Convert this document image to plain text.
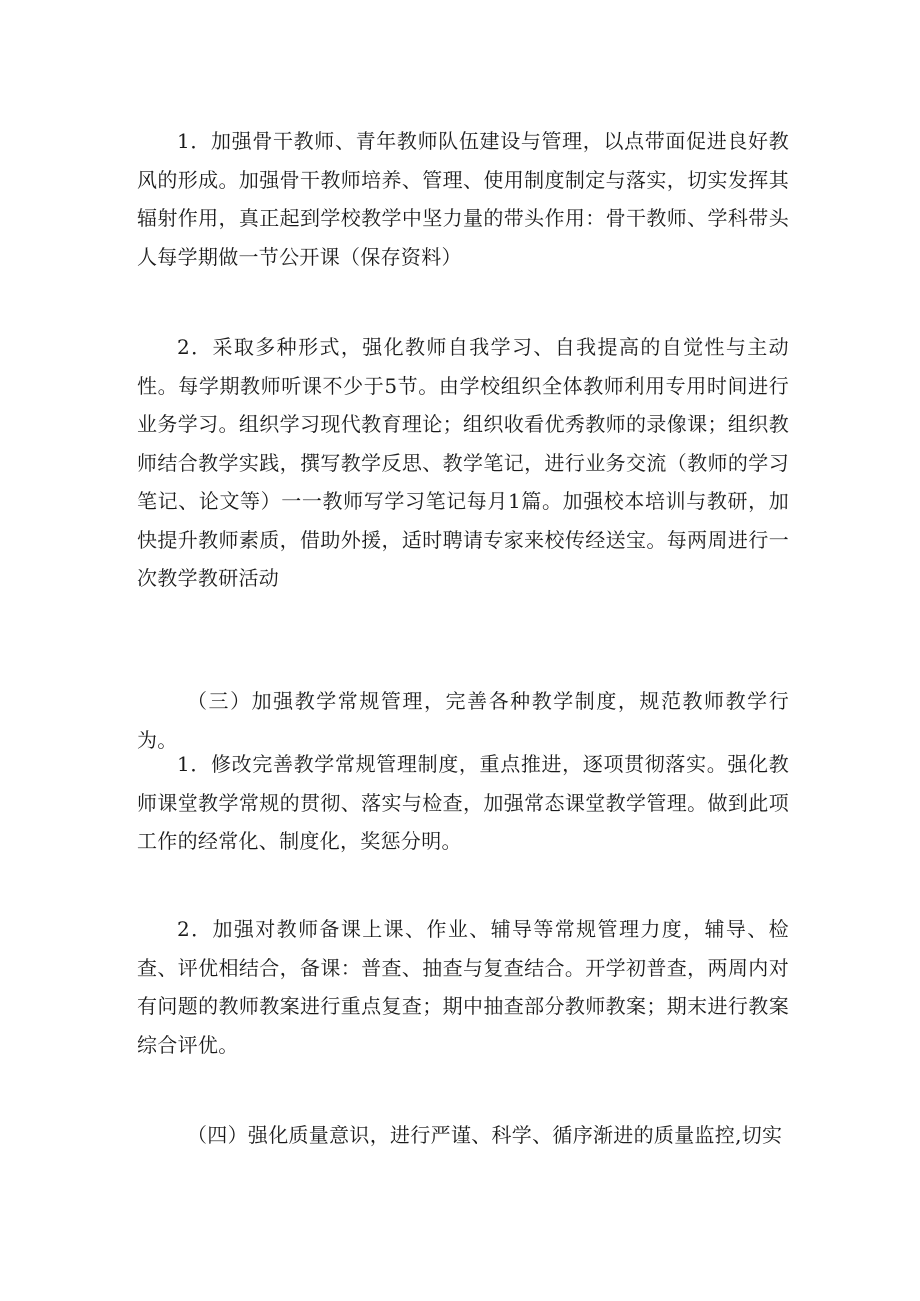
1．加强骨干教师、青年教师队伍建设与管理，以点带面促进良好教风的形成。加强骨干教师培养、管理、使用制度制定与落实，切实发挥其辐射作用，真正起到学校教学中坚力量的带头作用：骨干教师、学科带头人每学期做一节公开课（保存资料）

2．采取多种形式，强化教师自我学习、自我提高的自觉性与主动性。每学期教师听课不少于5节。由学校组织全体教师利用专用时间进行业务学习。组织学习现代教育理论；组织收看优秀教师的录像课；组织教师结合教学实践，撰写教学反思、教学笔记，进行业务交流（教师的学习笔记、论文等）一一教师写学习笔记每月1篇。加强校本培训与教研，加快提升教师素质，借助外援，适时聘请专家来校传经送宝。每两周进行一次教学教研活动

（三）加强教学常规管理，完善各种教学制度，规范教师教学行为。

1．修改完善教学常规管理制度，重点推进，逐项贯彻落实。强化教师课堂教学常规的贯彻、落实与检查，加强常态课堂教学管理。做到此项工作的经常化、制度化，奖惩分明。

2．加强对教师备课上课、作业、辅导等常规管理力度，辅导、检查、评优相结合，备课：普查、抽查与复查结合。开学初普查，两周内对有问题的教师教案进行重点复查；期中抽查部分教师教案；期末进行教案综合评优。

（四）强化质量意识，进行严谨、科学、循序渐进的质量监控,切实
